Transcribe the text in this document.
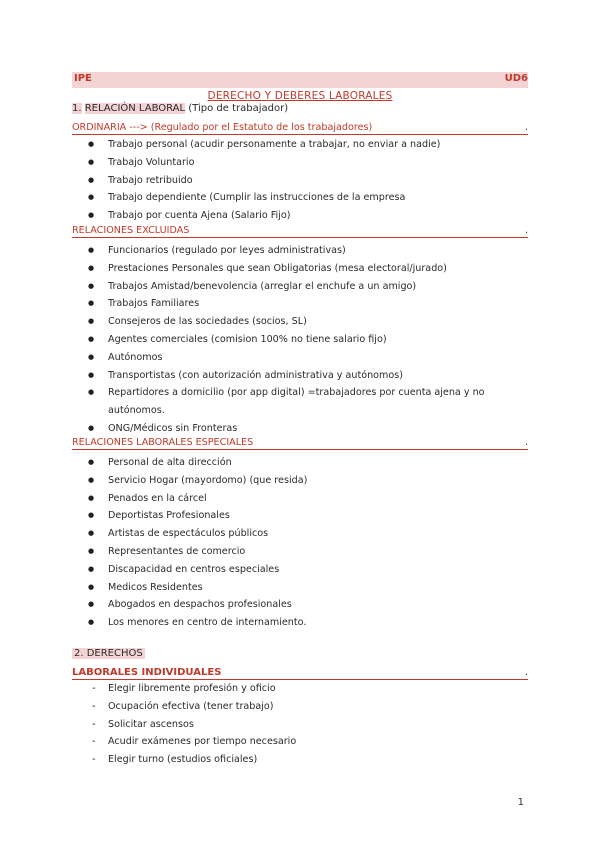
IPE	UD6
DERECHO Y DEBERES LABORALES
1. RELACIÓN LABORAL (Tipo de trabajador)
ORDINARIA ---> (Regulado por el Estatuto de los trabajadores)	.
● Trabajo personal (acudir personamente a trabajar, no enviar a nadie)
● Trabajo Voluntario
● Trabajo retribuido
● Trabajo dependiente (Cumplir las instrucciones de la empresa
● Trabajo por cuenta Ajena (Salario Fijo)
RELACIONES EXCLUIDAS	.
● Funcionarios (regulado por leyes administrativas)
● Prestaciones Personales que sean Obligatorias (mesa electoral/jurado)
● Trabajos Amistad/benevolencia (arreglar el enchufe a un amigo)
● Trabajos Familiares
● Consejeros de las sociedades (socios, SL)
● Agentes comerciales (comision 100% no tiene salario fijo)
● Autónomos
● Transportistas (con autorización administrativa y autónomos)
● Repartidores a domicilio (por app digital) =trabajadores por cuenta ajena y no autónomos.
● ONG/Médicos sin Fronteras
RELACIONES LABORALES ESPECIALES	.
● Personal de alta dirección
● Servicio Hogar (mayordomo) (que resida)
● Penados en la cárcel
● Deportistas Profesionales
● Artistas de espectáculos públicos
● Representantes de comercio
● Discapacidad en centros especiales
● Medicos Residentes
● Abogados en despachos profesionales
● Los menores en centro de internamiento.
2. DERECHOS
LABORALES INDIVIDUALES	.
- Elegir libremente profesión y oficio
- Ocupación efectiva (tener trabajo)
- Solicitar ascensos
- Acudir exámenes por tiempo necesario
- Elegir turno (estudios oficiales)
1
